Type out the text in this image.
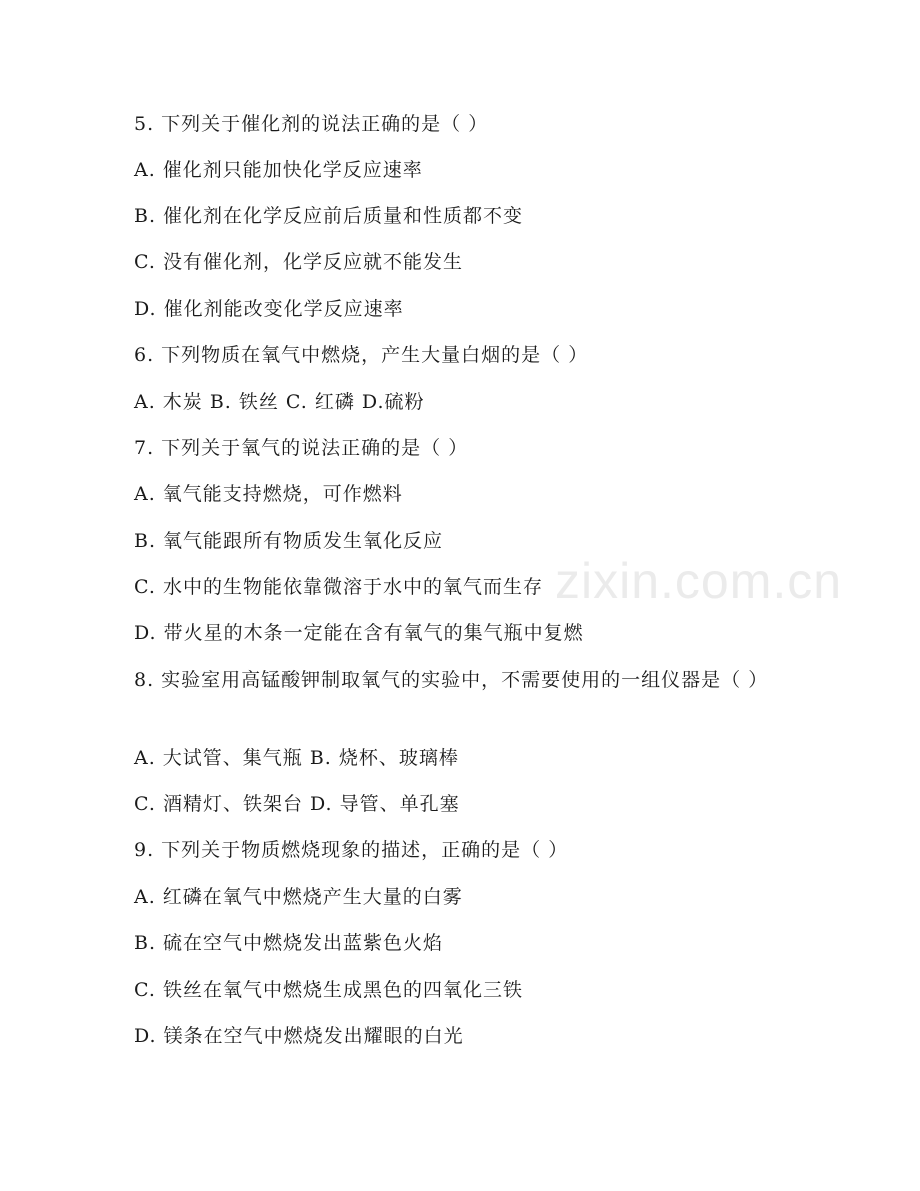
zixin.com.cn
5. 下列关于催化剂的说法正确的是（ ）
A. 催化剂只能加快化学反应速率
B. 催化剂在化学反应前后质量和性质都不变
C. 没有催化剂，化学反应就不能发生
D. 催化剂能改变化学反应速率
6. 下列物质在氧气中燃烧，产生大量白烟的是（ ）
A. 木炭 B. 铁丝 C. 红磷 D.硫粉
7. 下列关于氧气的说法正确的是（ ）
A. 氧气能支持燃烧，可作燃料
B. 氧气能跟所有物质发生氧化反应
C. 水中的生物能依靠微溶于水中的氧气而生存
D. 带火星的木条一定能在含有氧气的集气瓶中复燃
8. 实验室用高锰酸钾制取氧气的实验中，不需要使用的一组仪器是（ ）
A. 大试管、集气瓶 B. 烧杯、玻璃棒
C. 酒精灯、铁架台 D. 导管、单孔塞
9. 下列关于物质燃烧现象的描述，正确的是（ ）
A. 红磷在氧气中燃烧产生大量的白雾
B. 硫在空气中燃烧发出蓝紫色火焰
C. 铁丝在氧气中燃烧生成黑色的四氧化三铁
D. 镁条在空气中燃烧发出耀眼的白光
